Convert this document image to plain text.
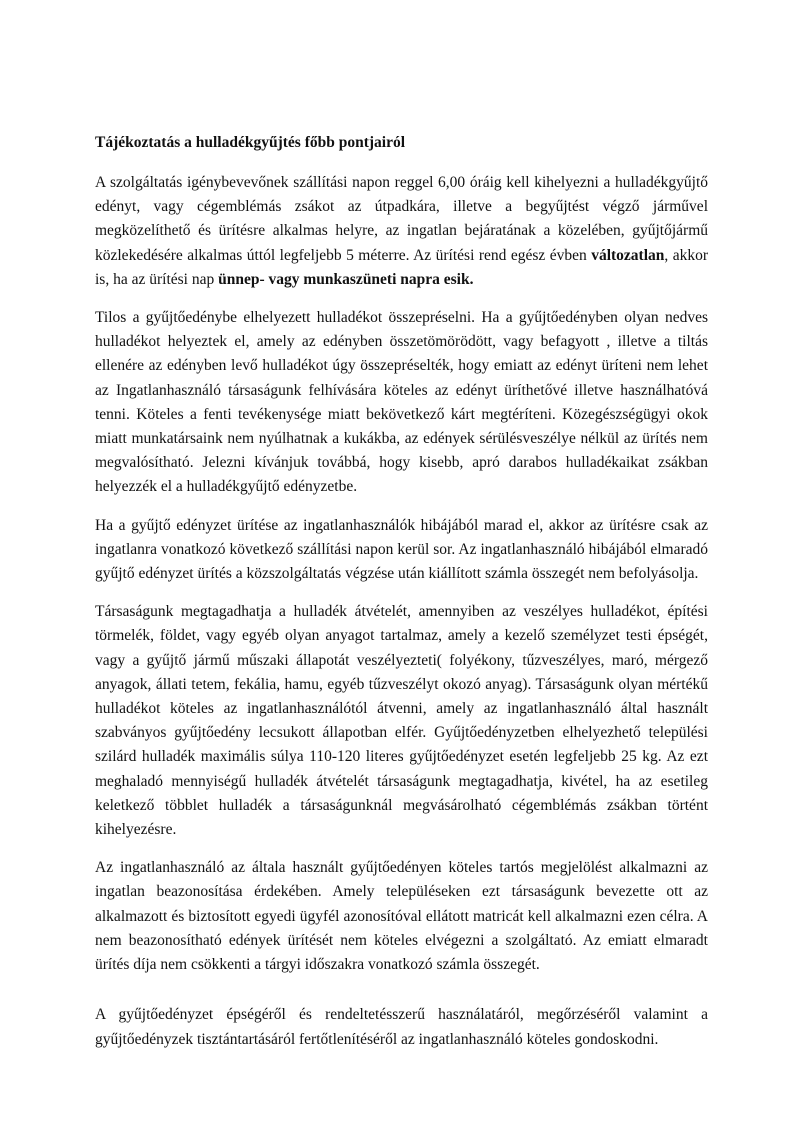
Tájékoztatás a hulladékgyűjtés főbb pontjairól

A szolgáltatás igénybevevőnek szállítási napon reggel 6,00 óráig kell kihelyezni a hulladékgyűjtő edényt, vagy cégemblémás zsákot az útpadkára, illetve a begyűjtést végző járművel megközelíthető és ürítésre alkalmas helyre, az ingatlan bejáratának a közelében, gyűjtőjármű közlekedésére alkalmas úttól legfeljebb 5 méterre. Az ürítési rend egész évben változatlan, akkor is, ha az ürítési nap ünnep- vagy munkaszüneti napra esik.

Tilos a gyűjtőedénybe elhelyezett hulladékot összepréselni. Ha a gyűjtőedényben olyan nedves hulladékot helyeztek el, amely az edényben összetömörödött, vagy befagyott , illetve a tiltás ellenére az edényben levő hulladékot úgy összepréselték, hogy emiatt az edényt üríteni nem lehet az Ingatlanhasználó társaságunk felhívására köteles az edényt üríthetővé illetve használhatóvá tenni. Köteles a fenti tevékenysége miatt bekövetkező kárt megtéríteni. Közegészségügyi okok miatt munkatársaink nem nyúlhatnak a kukákba, az edények sérülésveszélye nélkül az ürítés nem megvalósítható. Jelezni kívánjuk továbbá, hogy kisebb, apró darabos hulladékaikat zsákban helyezzék el a hulladékgyűjtő edényzetbe.

Ha a gyűjtő edényzet ürítése az ingatlanhasználók hibájából marad el, akkor az ürítésre csak az ingatlanra vonatkozó következő szállítási napon kerül sor. Az ingatlanhasználó hibájából elmaradó gyűjtő edényzet ürítés a közszolgáltatás végzése után kiállított számla összegét nem befolyásolja.

Társaságunk megtagadhatja a hulladék átvételét, amennyiben az veszélyes hulladékot, építési törmelék, földet, vagy egyéb olyan anyagot tartalmaz, amely a kezelő személyzet testi épségét, vagy a gyűjtő jármű műszaki állapotát veszélyezteti( folyékony, tűzveszélyes, maró, mérgező anyagok, állati tetem, fekália, hamu, egyéb tűzveszélyt okozó anyag). Társaságunk olyan mértékű hulladékot köteles az ingatlanhasználótól átvenni, amely az ingatlanhasználó által használt szabványos gyűjtőedény lecsukott állapotban elfér. Gyűjtőedényzetben elhelyezhető települési szilárd hulladék maximális súlya 110-120 literes gyűjtőedényzet esetén legfeljebb 25 kg. Az ezt meghaladó mennyiségű hulladék átvételét társaságunk megtagadhatja, kivétel, ha az esetileg keletkező többlet hulladék a társaságunknál megvásárolható cégemblémás zsákban történt kihelyezésre.

Az ingatlanhasználó az általa használt gyűjtőedényen köteles tartós megjelölést alkalmazni az ingatlan beazonosítása érdekében. Amely településeken ezt társaságunk bevezette ott az alkalmazott és biztosított egyedi ügyfél azonosítóval ellátott matricát kell alkalmazni ezen célra. A nem beazonosítható edények ürítését nem köteles elvégezni a szolgáltató. Az emiatt elmaradt ürítés díja nem csökkenti a tárgyi időszakra vonatkozó számla összegét.

A gyűjtőedényzet épségéről és rendeltetésszerű használatáról, megőrzéséről valamint a gyűjtőedényzek tisztántartásáról fertőtlenítéséről az ingatlanhasználó köteles gondoskodni.
